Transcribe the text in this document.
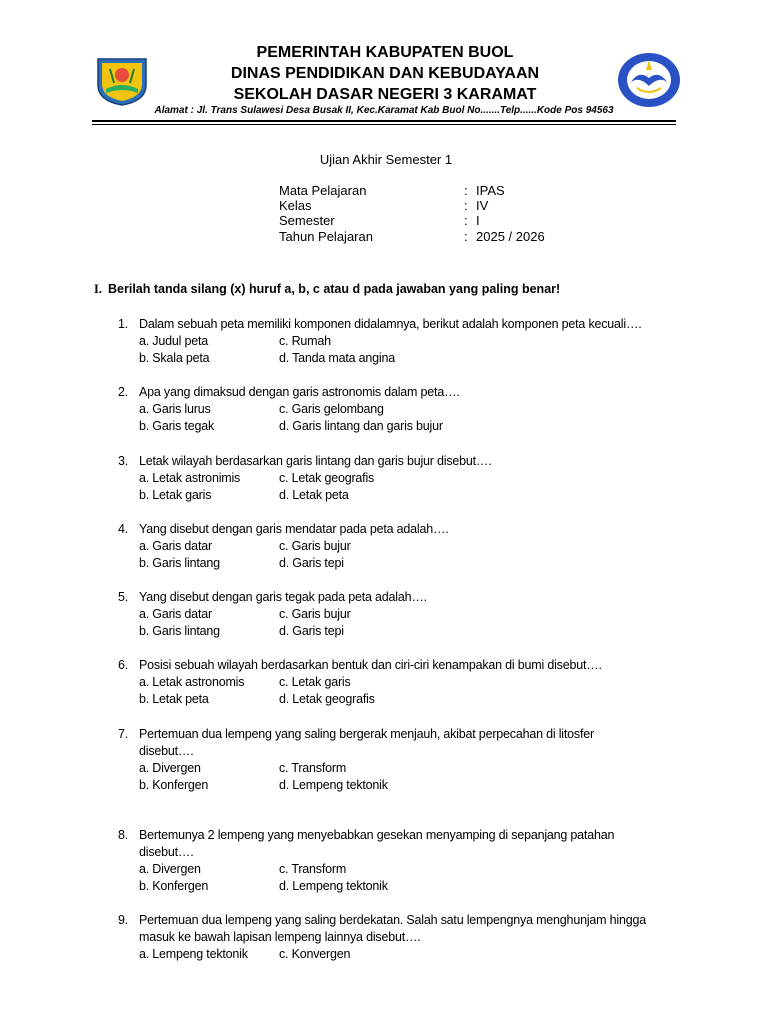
PEMERINTAH KABUPATEN BUOL
DINAS PENDIDIKAN DAN KEBUDAYAAN
SEKOLAH DASAR NEGERI 3 KARAMAT
Alamat : Jl. Trans Sulawesi Desa Busak II, Kec.Karamat Kab Buol No.......Telp......Kode Pos 94563
Ujian Akhir Semester 1
Mata Pelajaran	: IPAS
Kelas	: IV
Semester	: I
Tahun Pelajaran	: 2025 / 2026
I. Berilah tanda silang (x) huruf a, b, c atau d pada jawaban yang paling benar!
1. Dalam sebuah peta memiliki komponen didalamnya, berikut adalah komponen peta kecuali….
a. Judul peta	c. Rumah
b. Skala peta	d. Tanda mata angina
2. Apa yang dimaksud dengan garis astronomis dalam peta….
a. Garis lurus	c. Garis gelombang
b. Garis tegak	d. Garis lintang dan garis bujur
3. Letak wilayah berdasarkan garis lintang dan garis bujur disebut….
a. Letak astronimis	c. Letak geografis
b. Letak garis	d. Letak peta
4. Yang disebut dengan garis mendatar pada peta adalah….
a. Garis datar	c. Garis bujur
b. Garis lintang	d. Garis tepi
5. Yang disebut dengan garis tegak pada peta adalah….
a. Garis datar	c. Garis bujur
b. Garis lintang	d. Garis tepi
6. Posisi sebuah wilayah berdasarkan bentuk dan ciri-ciri kenampakan di bumi disebut….
a. Letak astronomis	c. Letak garis
b. Letak peta	d. Letak geografis
7. Pertemuan dua lempeng yang saling bergerak menjauh, akibat perpecahan di litosfer
disebut….
a. Divergen	c. Transform
b. Konfergen	d. Lempeng tektonik
8. Bertemunya 2 lempeng yang menyebabkan gesekan menyamping di sepanjang patahan
disebut….
a. Divergen	c. Transform
b. Konfergen	d. Lempeng tektonik
9. Pertemuan dua lempeng yang saling berdekatan. Salah satu lempengnya menghunjam hingga
masuk ke bawah lapisan lempeng lainnya disebut….
a. Lempeng tektonik c. Konvergen
